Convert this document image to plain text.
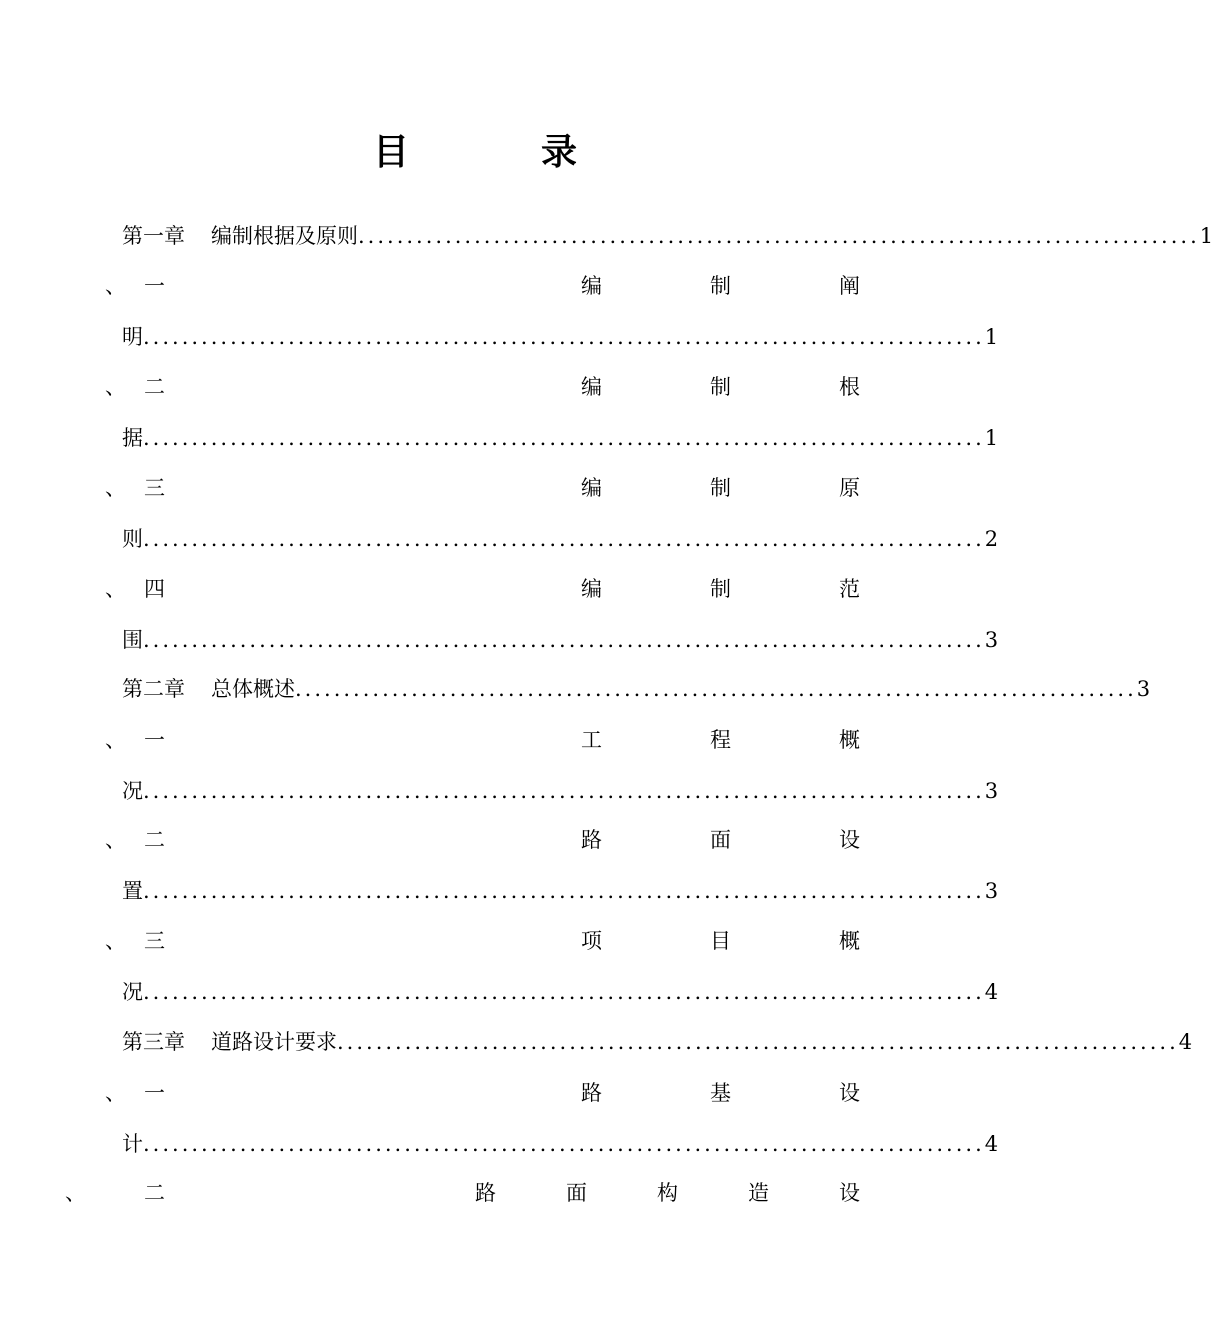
目　录
第一章 编制根据及原则 ....................................................................................... 1
一
、	编	制	阐
明 ....................................................................................... 1
二
、	编	制	根
据 ....................................................................................... 1
三
、	编	制	原
则 ....................................................................................... 2
四
、	编	制	范
围 ....................................................................................... 3
第二章 总体概述 ....................................................................................... 3
一
、	工	程	概
况 ....................................................................................... 3
二
、	路	面	设
置 ....................................................................................... 3
三
、	项	目	概
况 ....................................................................................... 4
第三章 道路设计要求 ....................................................................................... 4
一
、	路	基	设
计 ....................................................................................... 4
二
、	路	面	构	造	设
